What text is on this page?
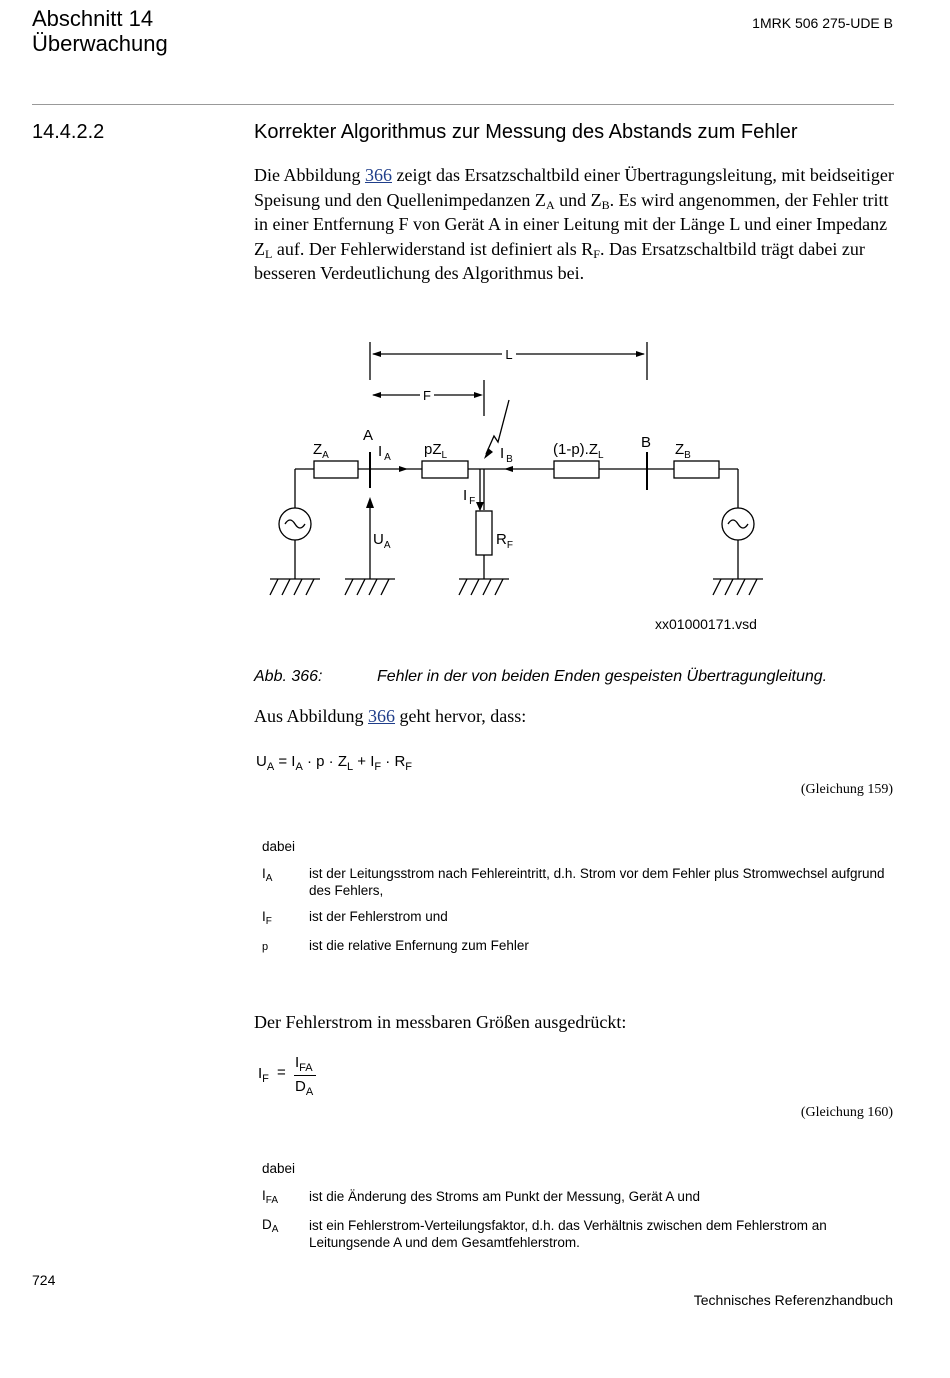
Abschnitt 14
Überwachung
1MRK 506 275-UDE B
14.4.2.2	Korrekter Algorithmus zur Messung des Abstands zum Fehler
Die Abbildung 366 zeigt das Ersatzschaltbild einer Übertragungsleitung, mit beidseitiger Speisung und den Quellenimpedanzen $Z_A$ und $Z_B$. Es wird angenommen, der Fehler tritt in einer Entfernung F von Gerät A in einer Leitung mit der Länge L und einer Impedanz $Z_L$ auf. Der Fehlerwiderstand ist definiert als $R_F$. Das Ersatzschaltbild trägt dabei zur besseren Verdeutlichung des Algorithmus bei.
L
F
A	B
$Z_A$	I $_A$ $pZ_L$	I $_B$
$(1-p).Z_L$	$Z_B$
I $_F$
$U_A$	$R_F$
xx01000171.vsd
Abb. 366:	Fehler in der von beiden Enden gespeisten Übertragungleitung.
Aus Abbildung 366 geht hervor, dass:
$U_A = I_A \cdot p \cdot Z_L + I_F \cdot R_F$
(Gleichung 159)
dabei
$I_A$	ist der Leitungsstrom nach Fehlereintritt, d.h. Strom vor dem Fehler plus Stromwechsel aufgrund des Fehlers,
$I_F$	ist der Fehlerstrom und
p	ist die relative Enfernung zum Fehler
Der Fehlerstrom in messbaren Größen ausgedrückt:
$I_F$ =
$I_{FA}$
$D_A$
(Gleichung 160)
dabei
$I_{FA}$ ist die Änderung des Stroms am Punkt der Messung, Gerät A und
$D_A$ ist ein Fehlerstrom-Verteilungsfaktor, d.h. das Verhältnis zwischen dem Fehlerstrom an Leitungsende A und dem Gesamtfehlerstrom.
724
Technisches Referenzhandbuch
